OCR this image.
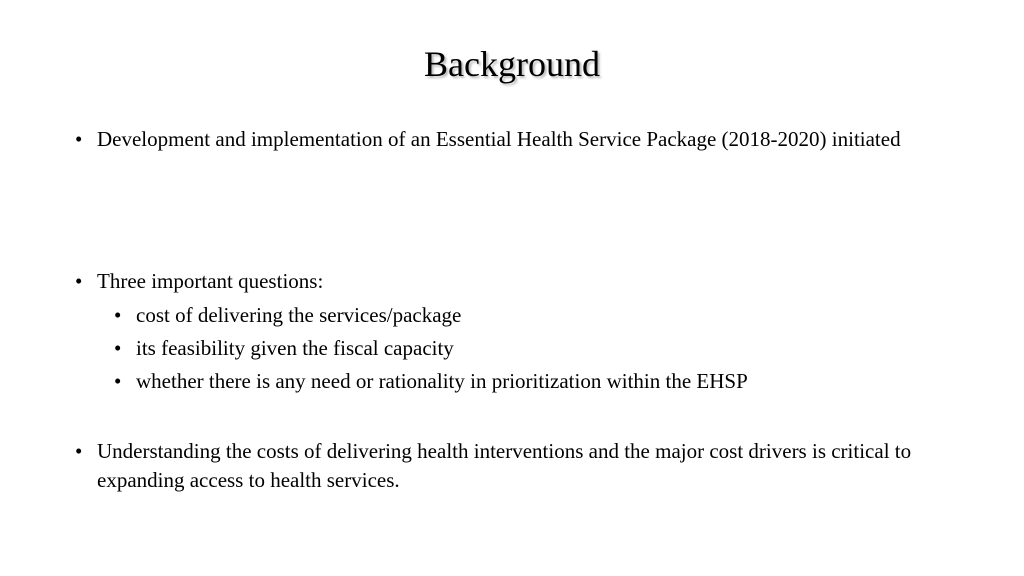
Background
• Development and implementation of an Essential Health Service Package (2018-2020) initiated
• Three important questions:
• cost of delivering the services/package
• its feasibility given the fiscal capacity
• whether there is any need or rationality in prioritization within the EHSP
• Understanding the costs of delivering health interventions and the major cost drivers is critical to expanding access to health services.
